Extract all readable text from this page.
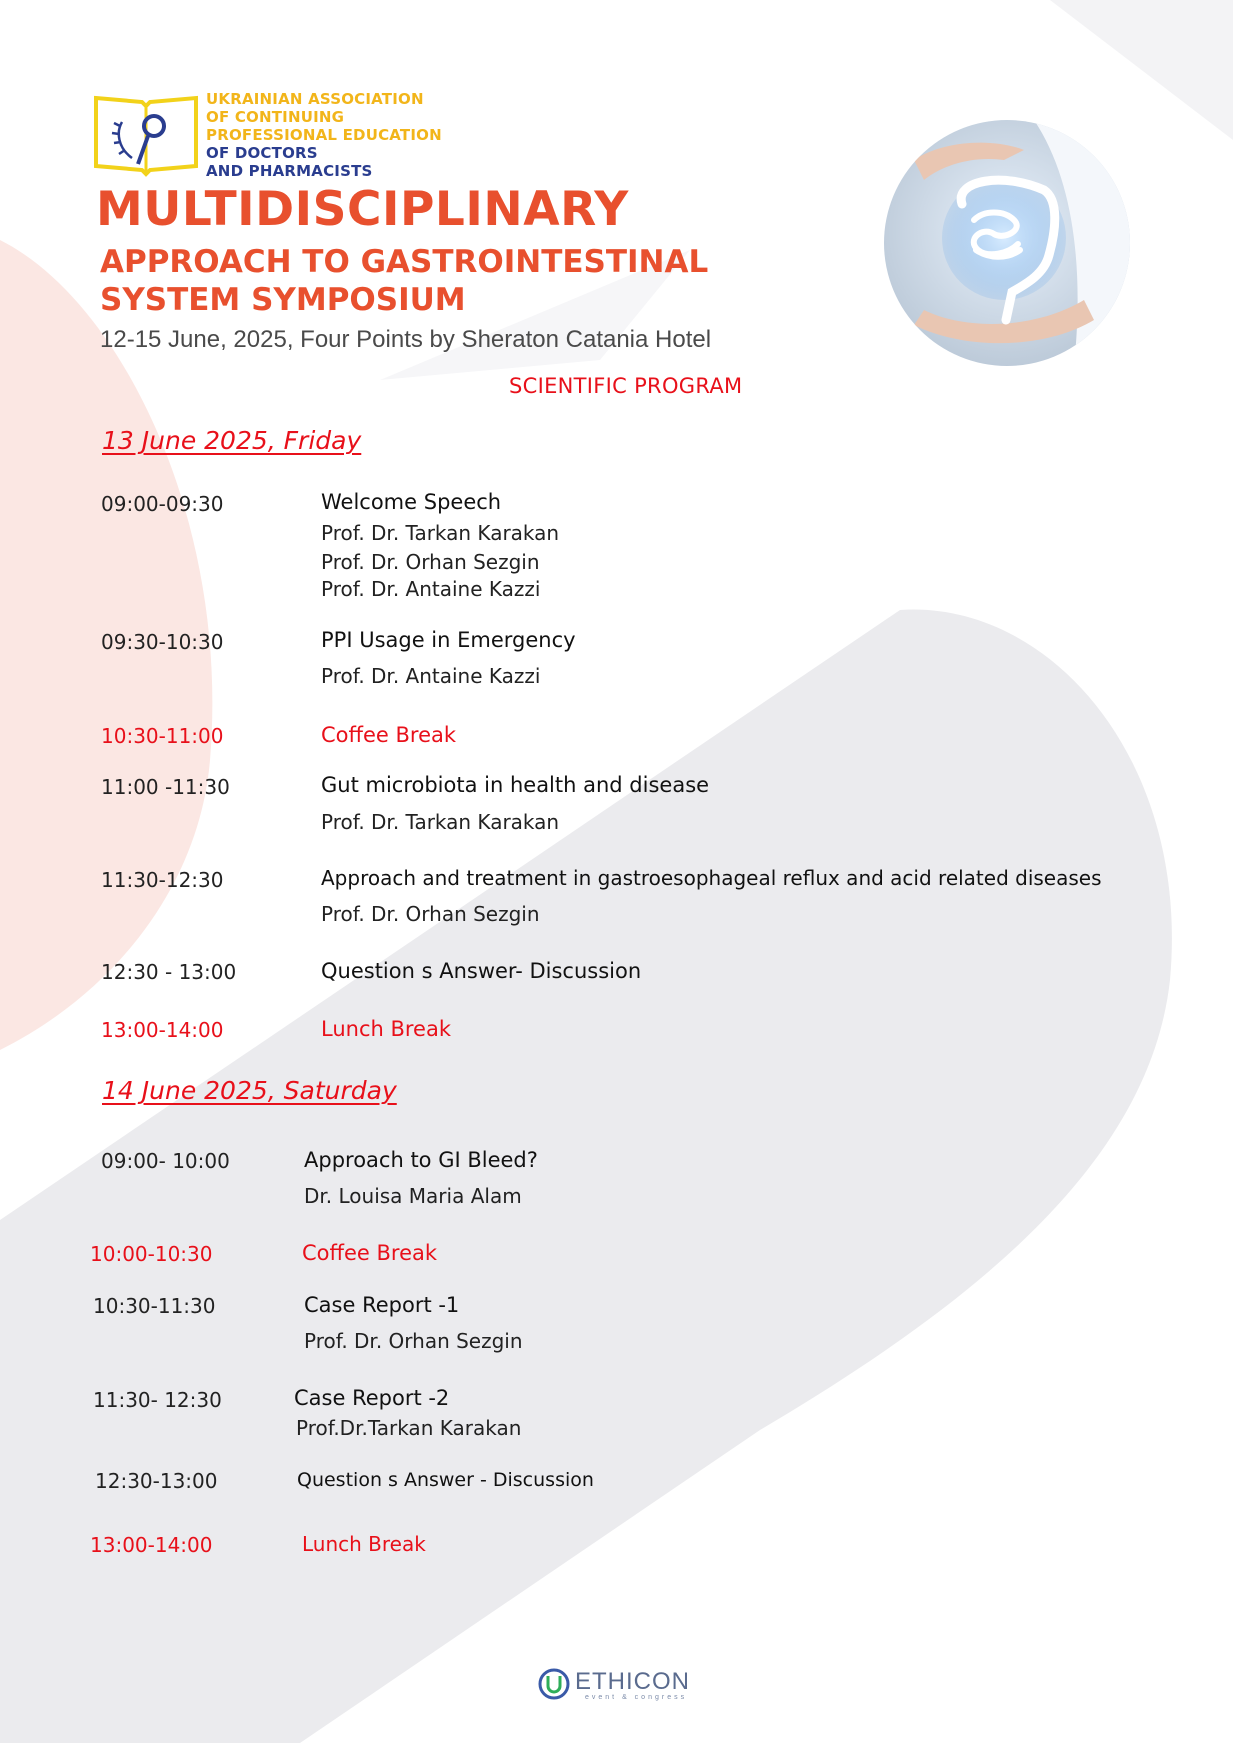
UKRAINIAN ASSOCIATION
OF CONTINUING
PROFESSIONAL EDUCATION
OF DOCTORS
AND PHARMACISTS
MULTIDISCIPLINARY
APPROACH TO GASTROINTESTINAL
SYSTEM SYMPOSIUM
12-15 June, 2025, Four Points by Sheraton Catania Hotel
SCIENTIFIC PROGRAM
13 June 2025, Friday
09:00-09:30	Welcome Speech
Prof. Dr. Tarkan Karakan
Prof. Dr. Orhan Sezgin
Prof. Dr. Antaine Kazzi
09:30-10:30	PPI Usage in Emergency
Prof. Dr. Antaine Kazzi
10:30-11:00	Coffee Break
11:00 -11:30	Gut microbiota in health and disease
Prof. Dr. Tarkan Karakan
11:30-12:30	Approach and treatment in gastroesophageal reflux and acid related diseases
Prof. Dr. Orhan Sezgin
12:30 - 13:00	Question s Answer- Discussion
13:00-14:00	Lunch Break
14 June 2025, Saturday
09:00- 10:00	Approach to GI Bleed?
Dr. Louisa Maria Alam
10:00-10:30	Coffee Break
10:30-11:30	Case Report -1
Prof. Dr. Orhan Sezgin
11:30- 12:30	Case Report -2
Prof.Dr.Tarkan Karakan
12:30-13:00	Question s Answer - Discussion
13:00-14:00	Lunch Break
ETHICON
event & congress
